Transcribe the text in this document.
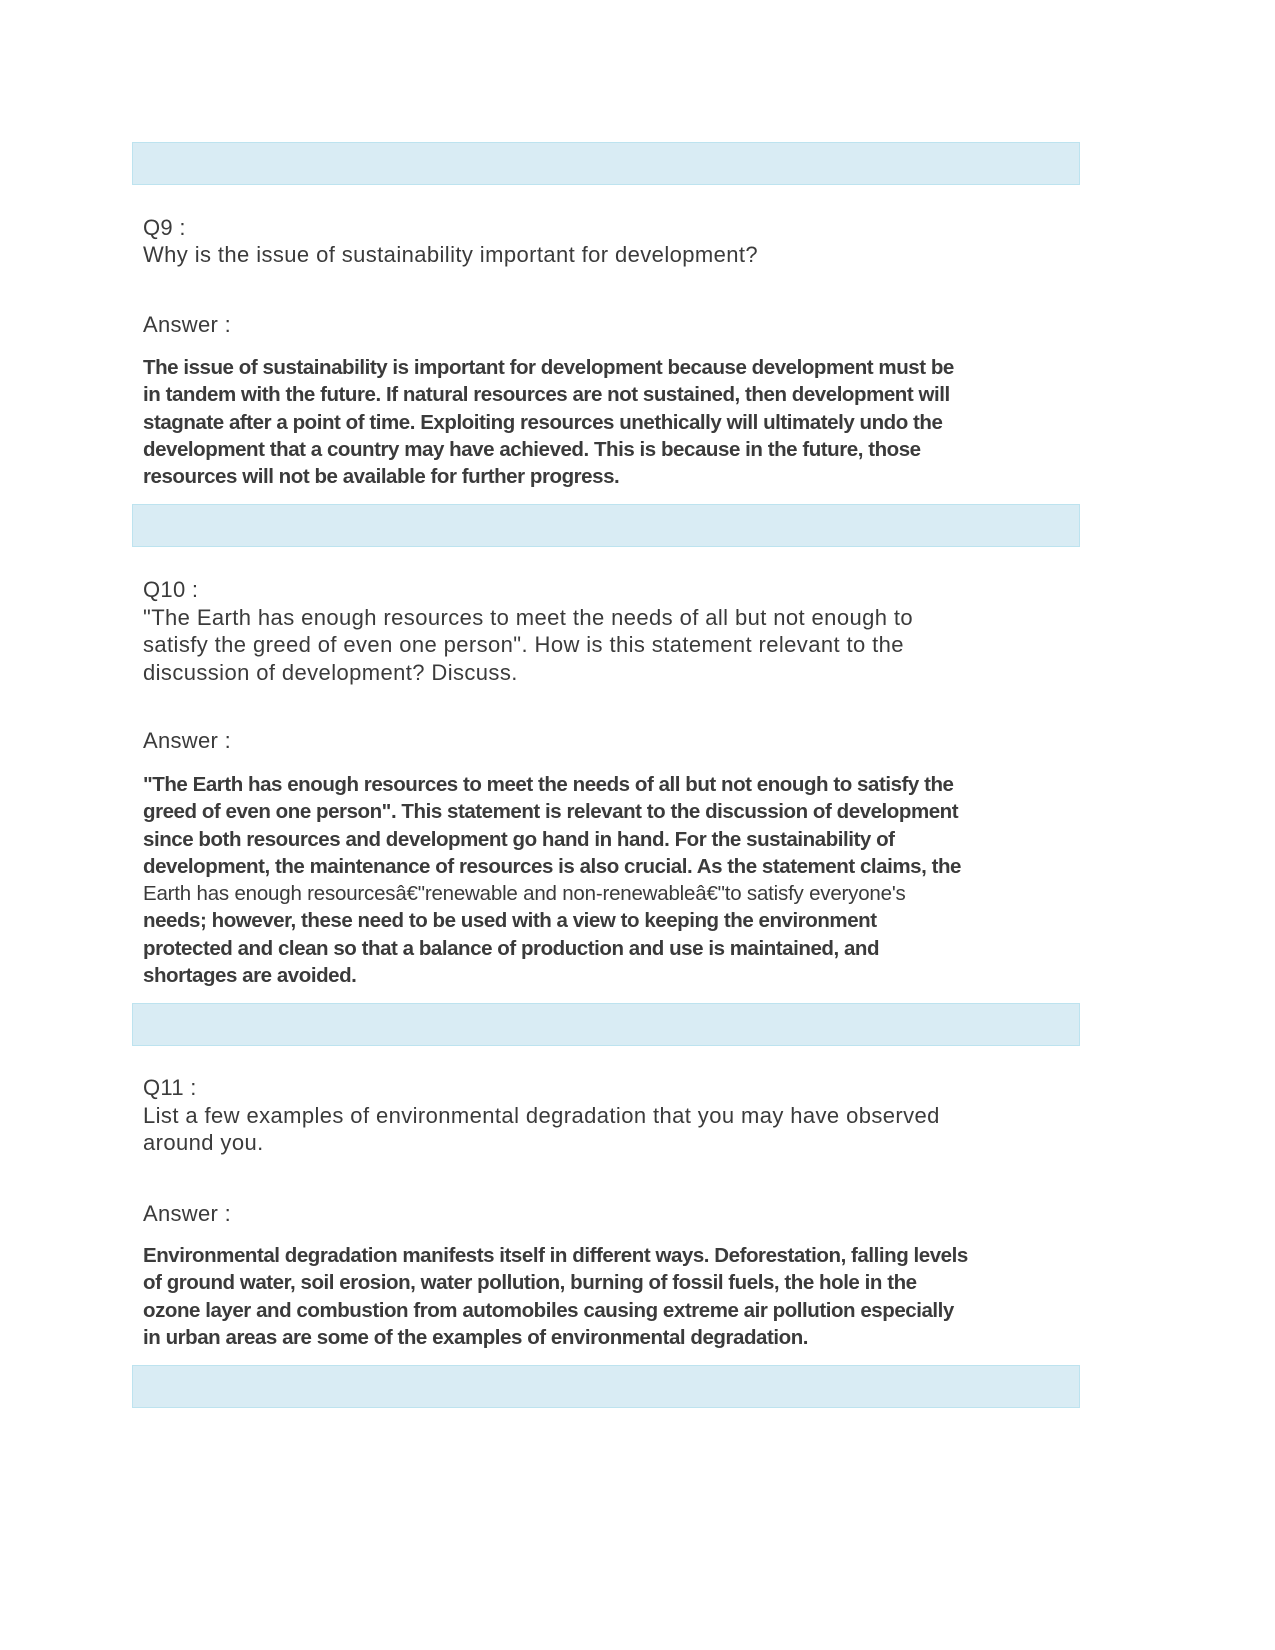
Q9 :
Why is the issue of sustainability important for development?
Answer :
The issue of sustainability is important for development because development must be
in tandem with the future. If natural resources are not sustained, then development will
stagnate after a point of time. Exploiting resources unethically will ultimately undo the
development that a country may have achieved. This is because in the future, those
resources will not be available for further progress.
Q10 :
"The Earth has enough resources to meet the needs of all but not enough to
satisfy the greed of even one person". How is this statement relevant to the
discussion of development? Discuss.
Answer :
"The Earth has enough resources to meet the needs of all but not enough to satisfy the
greed of even one person". This statement is relevant to the discussion of development
since both resources and development go hand in hand. For the sustainability of
development, the maintenance of resources is also crucial. As the statement claims, the
Earth has enough resourcesâ€"renewable and non-renewableâ€"to satisfy everyone's
needs; however, these need to be used with a view to keeping the environment
protected and clean so that a balance of production and use is maintained, and
shortages are avoided.
Q11 :
List a few examples of environmental degradation that you may have observed
around you.
Answer :
Environmental degradation manifests itself in different ways. Deforestation, falling levels
of ground water, soil erosion, water pollution, burning of fossil fuels, the hole in the
ozone layer and combustion from automobiles causing extreme air pollution especially
in urban areas are some of the examples of environmental degradation.
